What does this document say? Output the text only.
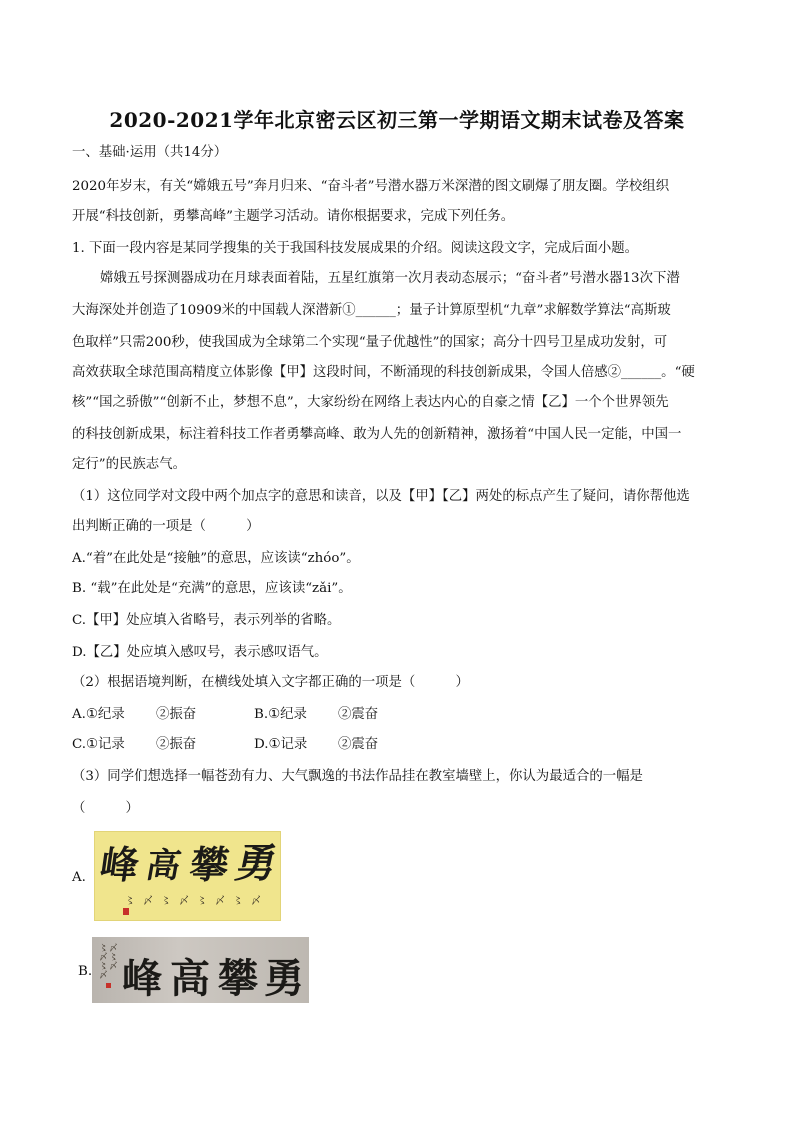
2020-2021学年北京密云区初三第一学期语文期末试卷及答案
一、基础·运用（共14分）
2020年岁末，有关“嫦娥五号”奔月归来、“奋斗者”号潜水器万米深潜的图文刷爆了朋友圈。学校组织
开展“科技创新，勇攀高峰”主题学习活动。请你根据要求，完成下列任务。
1. 下面一段内容是某同学搜集的关于我国科技发展成果的介绍。阅读这段文字，完成后面小题。
嫦娥五号探测器成功在月球表面着陆，五星红旗第一次月表动态展示；“奋斗者”号潜水器13次下潜
大海深处并创造了10909米的中国载人深潜新①______；量子计算原型机“九章”求解数学算法“高斯玻
色取样”只需200秒，使我国成为全球第二个实现“量子优越性”的国家；高分十四号卫星成功发射，可
高效获取全球范围高精度立体影像【甲】这段时间，不断涌现的科技创新成果，令国人倍感②______。“硬
核”“国之骄傲”“创新不止，梦想不息”，大家纷纷在网络上表达内心的自豪之情【乙】一个个世界领先
的科技创新成果，标注着科技工作者勇攀高峰、敢为人先的创新精神，激扬着“中国人民一定能，中国一
定行”的民族志气。
（1）这位同学对文段中两个加点字的意思和读音，以及【甲】【乙】两处的标点产生了疑问，请你帮他选
出判断正确的一项是（　　　）
A.“着”在此处是“接触”的意思，应该读“zhóo”。
B. “载”在此处是“充满”的意思，应该读“zǎi”。
C.【甲】处应填入省略号，表示列举的省略。
D.【乙】处应填入感叹号，表示感叹语气。
（2）根据语境判断，在横线处填入文字都正确的一项是（　　　）
A.①纪录 ②振奋	B.①纪录 ②震奋
C.①记录 ②振奋	D.①记录 ②震奋
（3）同学们想选择一幅苍劲有力、大气飘逸的书法作品挂在教室墙壁上，你认为最适合的一幅是
（　　　）
A. 峰 高 攀 勇
〻 〆 〻 〆 〻 〆 〻 〆
B. 〻〆〻〆 〆〻〆 峰 高 攀 勇
